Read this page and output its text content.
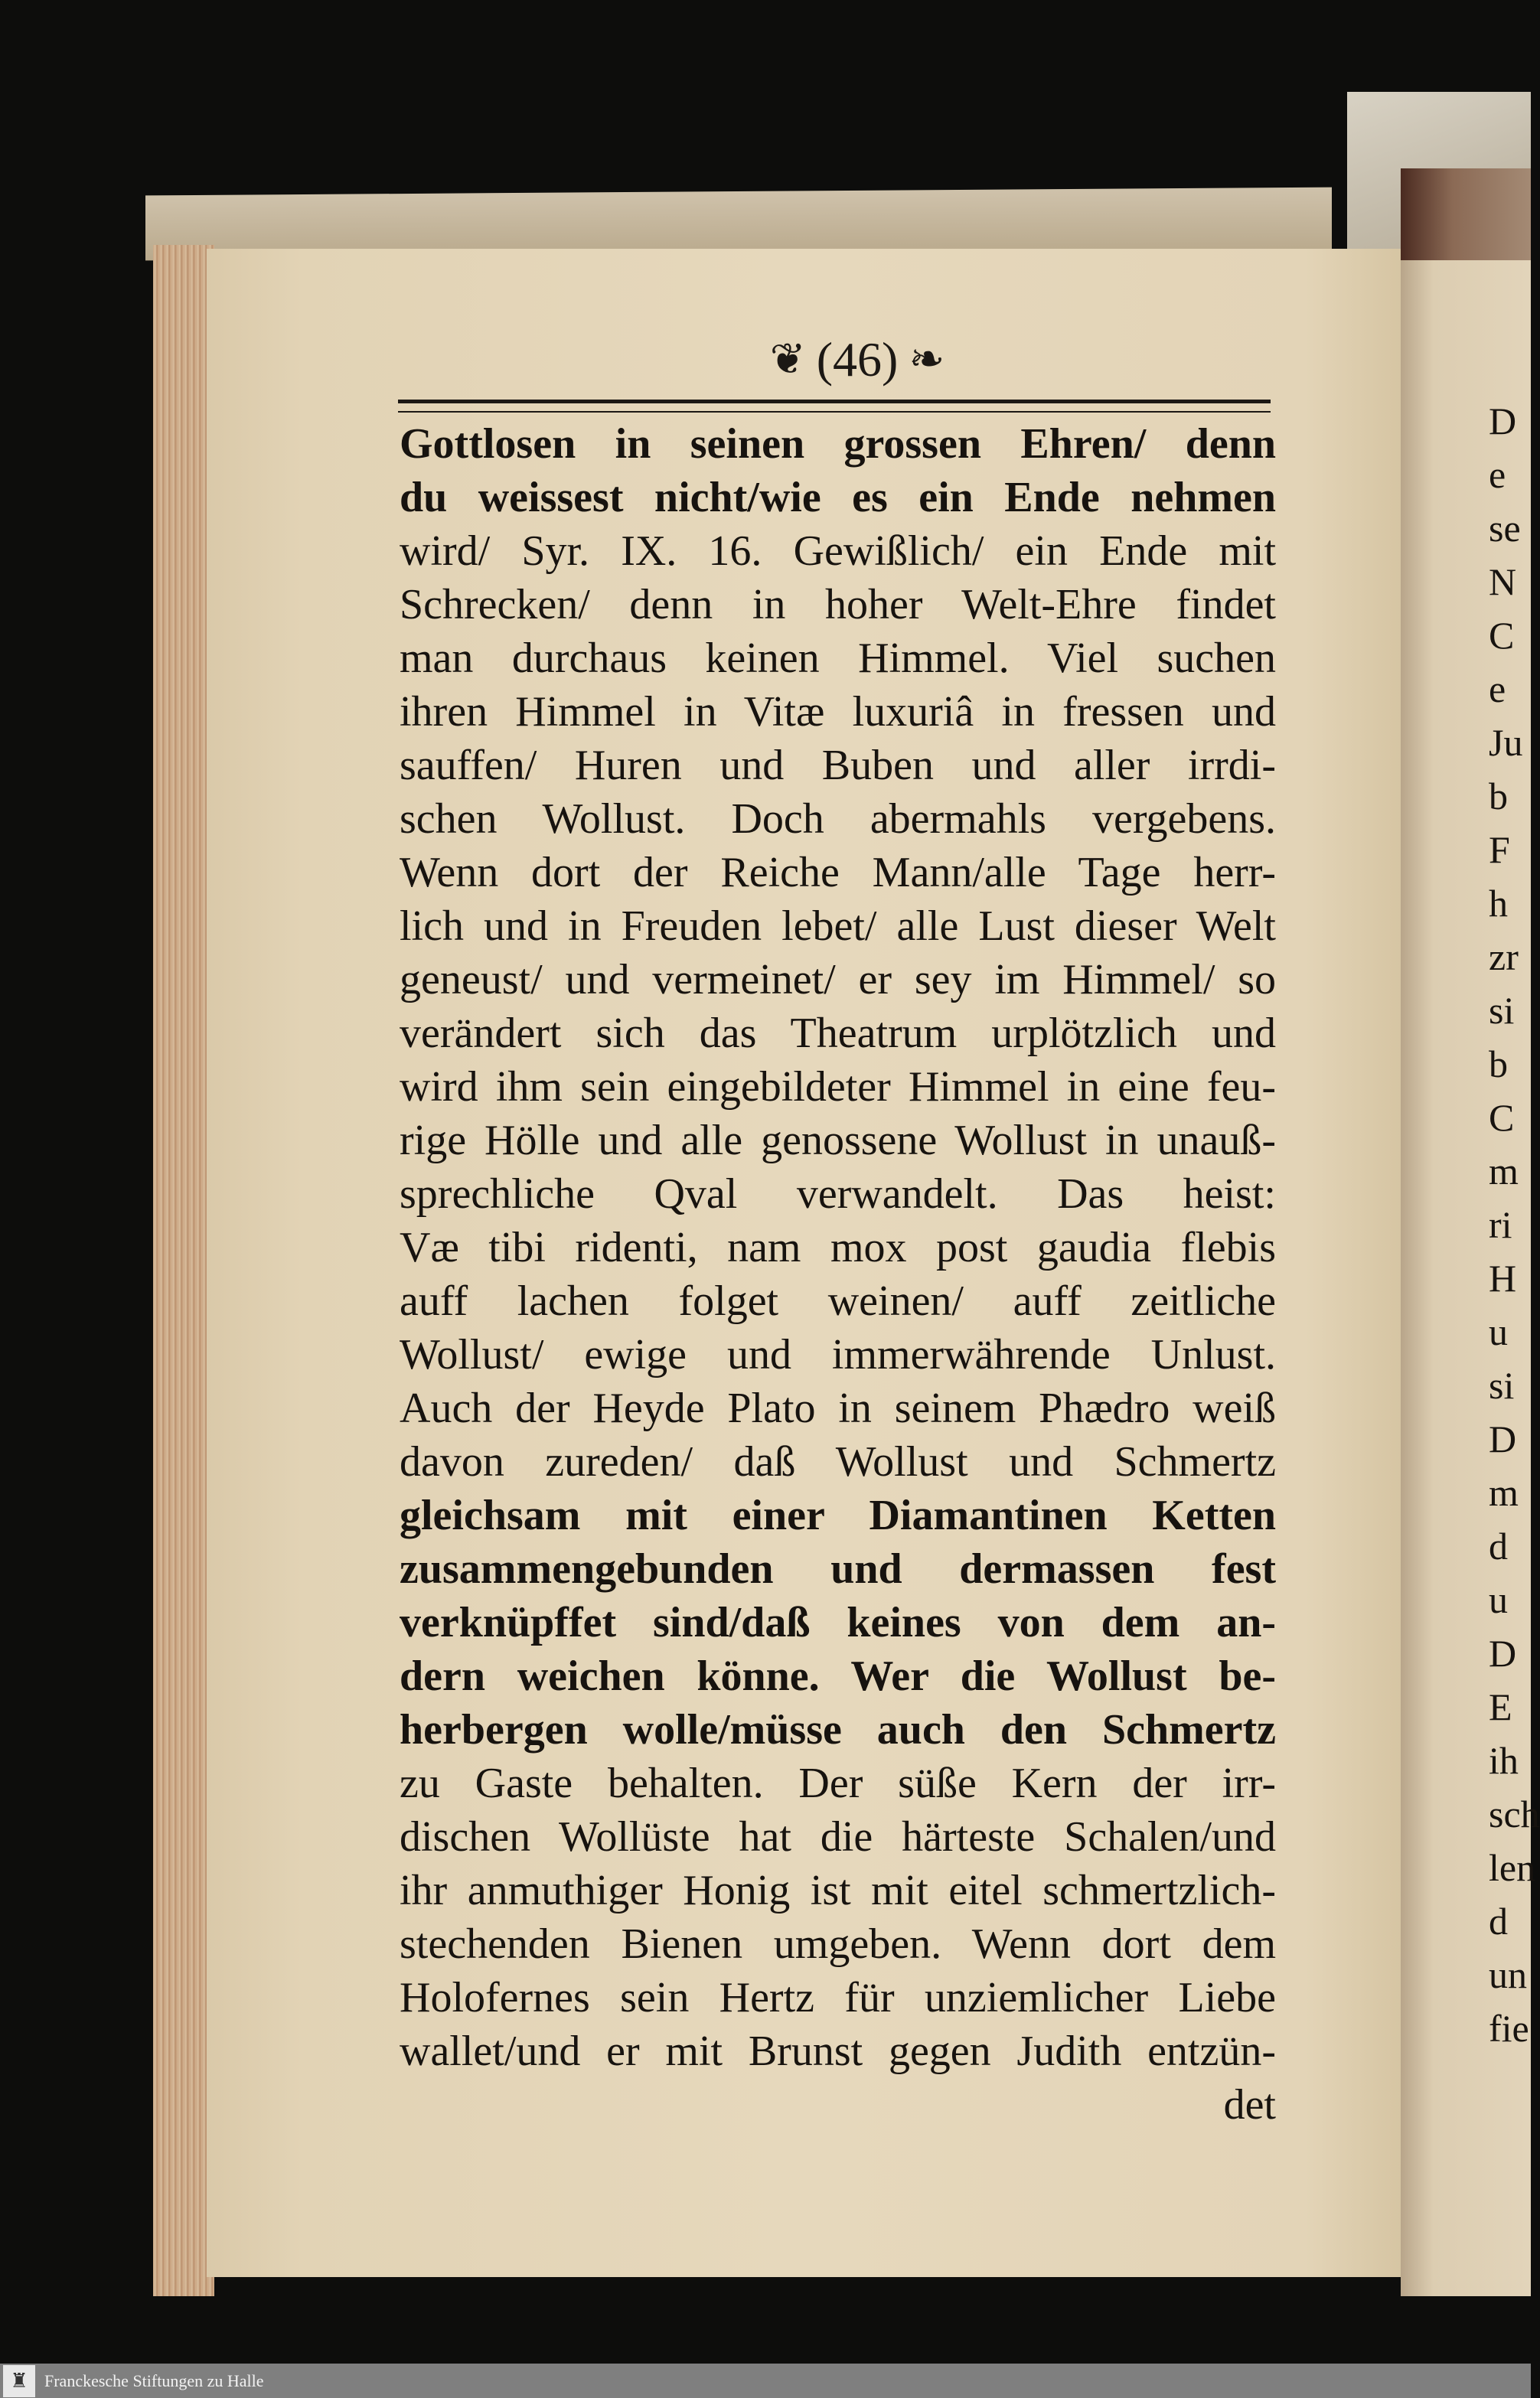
❦ (46) ❧
Gottlosen in seinen grossen Ehren/ denn
du weissest nicht/wie es ein Ende nehmen
wird/ Syr. IX. 16. Gewißlich/ ein Ende mit
Schrecken/ denn in hoher Welt-Ehre findet
man durchaus keinen Himmel. Viel suchen
ihren Himmel in Vitæ luxuriâ in fressen und
sauffen/ Huren und Buben und aller irrdi-
schen Wollust. Doch abermahls vergebens.
Wenn dort der Reiche Mann/alle Tage herr-
lich und in Freuden lebet/ alle Lust dieser Welt
geneust/ und vermeinet/ er sey im Himmel/ so
verändert sich das Theatrum urplötzlich und
wird ihm sein eingebildeter Himmel in eine feu-
rige Hölle und alle genossene Wollust in unauß-
sprechliche Qval verwandelt. Das heist:
Væ tibi ridenti, nam mox post gaudia flebis
auff lachen folget weinen/ auff zeitliche
Wollust/ ewige und immerwährende Unlust.
Auch der Heyde Plato in seinem Phædro weiß
davon zureden/ daß Wollust und Schmertz
gleichsam mit einer Diamantinen Ketten
zusammengebunden und dermassen fest
verknüpffet sind/daß keines von dem an-
dern weichen könne. Wer die Wollust be-
herbergen wolle/müsse auch den Schmertz
zu Gaste behalten. Der süße Kern der irr-
dischen Wollüste hat die härteste Schalen/und
ihr anmuthiger Honig ist mit eitel schmertzlich-
stechenden Bienen umgeben. Wenn dort dem
Holofernes sein Hertz für unziemlicher Liebe
wallet/und er mit Brunst gegen Judith entzün-
det
D
e
se
N
C
e
Ju
b
F
h
zr
si
b
C
m
ri
H
u
si
D
m
d
u
D
E
ih
sch
len
d
un
fie
♜ Franckesche Stiftungen zu Halle
